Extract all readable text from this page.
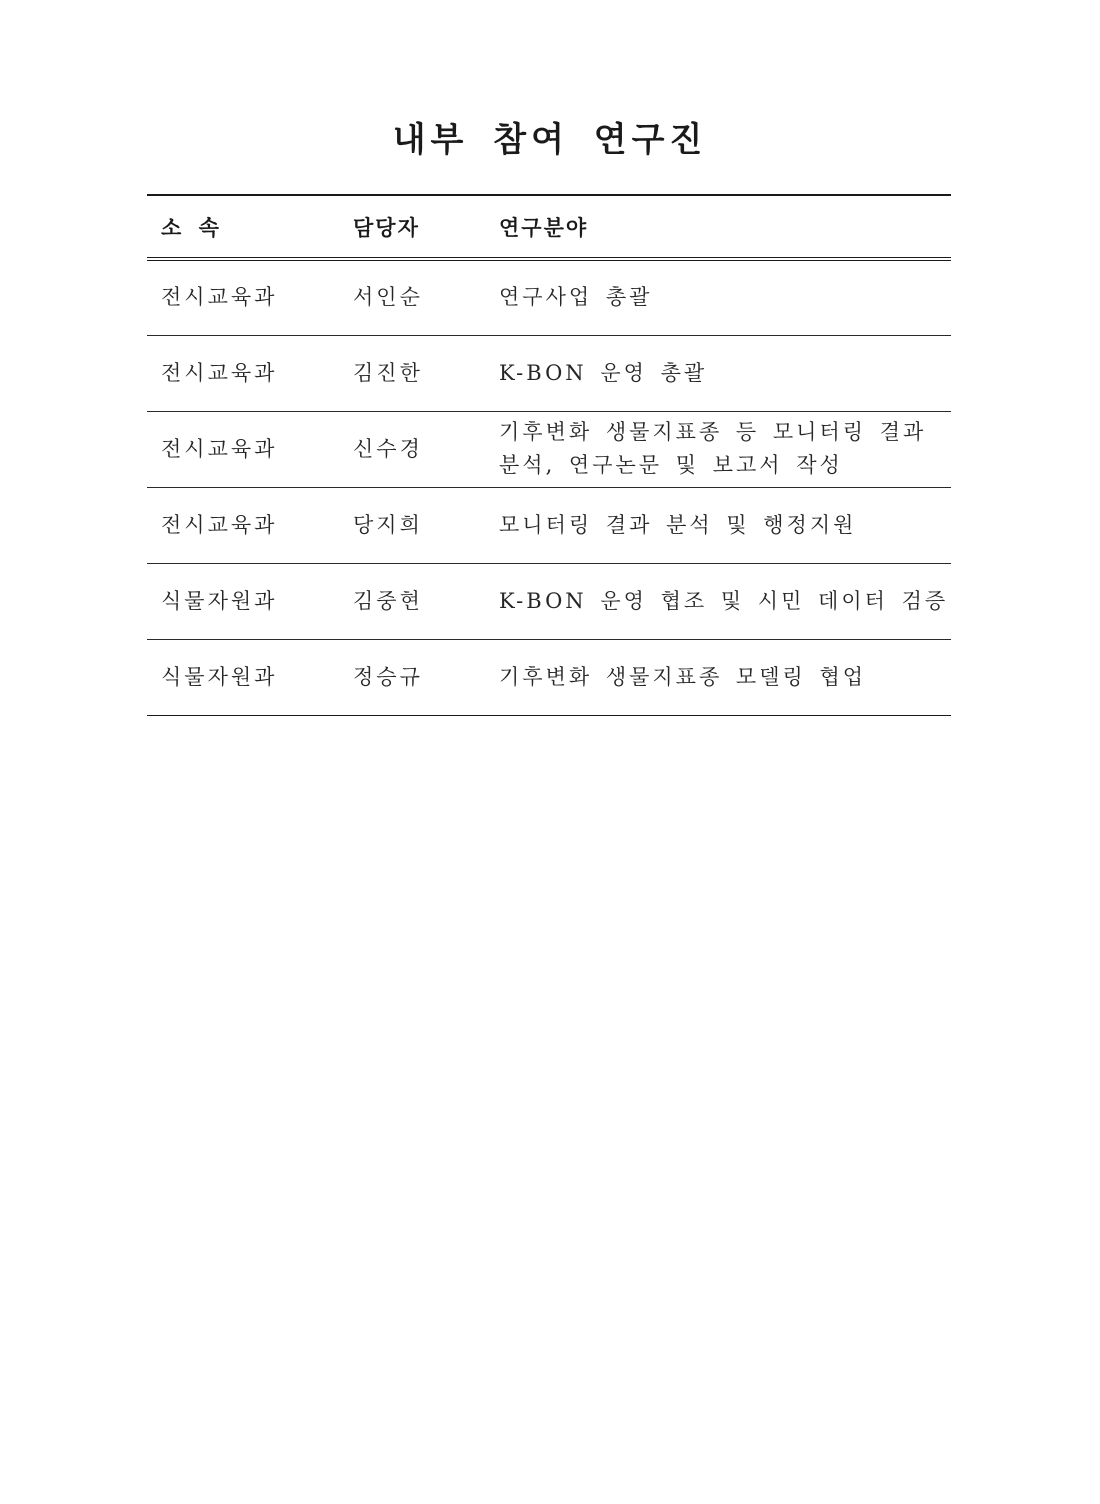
내부 참여 연구진
소 속	담당자	연구분야
전시교육과	서인순	연구사업 총괄

전시교육과	김진한	K-BON 운영 총괄

전시교육과	신수경	기후변화 생물지표종 등 모니터링 결과
분석, 연구논문 및 보고서 작성

전시교육과	당지희	모니터링 결과 분석 및 행정지원

식물자원과	김중현	K-BON 운영 협조 및 시민 데이터 검증

식물자원과	정승규	기후변화 생물지표종 모델링 협업
